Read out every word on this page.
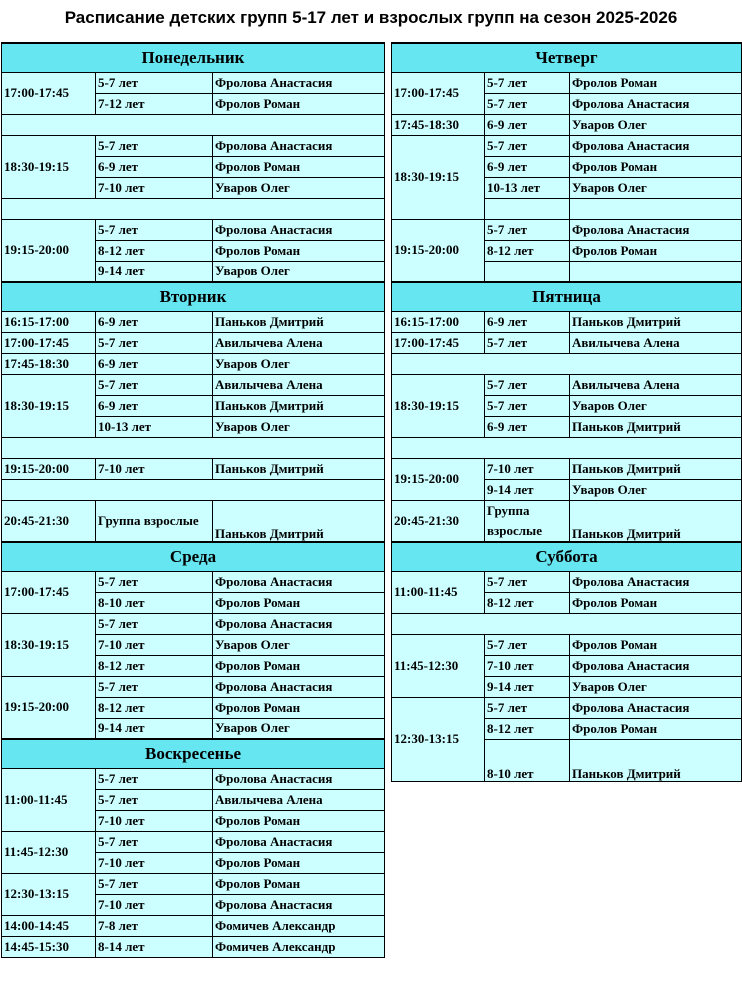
Расписание детских групп 5-17 лет и взрослых групп на сезон 2025-2026
Понедельник		
17:00-17:45	5-7 лет	Фролова Анастасия
	7-12 лет	Фролов Роман

18:30-19:15	5-7 лет	Фролова Анастасия
	6-9 лет	Фролов Роман
	7-10 лет	Уваров Олег

19:15-20:00	5-7 лет	Фролова Анастасия
	8-12 лет	Фролов Роман
	9-14 лет	Уваров Олег
Вторник		
16:15-17:00	6-9 лет	Паньков Дмитрий
17:00-17:45	5-7 лет	Авилычева Алена
17:45-18:30	6-9 лет	Уваров Олег
18:30-19:15	5-7 лет	Авилычева Алена
	6-9 лет	Паньков Дмитрий
	10-13 лет	Уваров Олег

19:15-20:00	7-10 лет	Паньков Дмитрий

20:45-21:30	Группа взрослые	Паньков Дмитрий
Среда		
17:00-17:45	5-7 лет	Фролова Анастасия
	8-10 лет	Фролов Роман
18:30-19:15	5-7 лет	Фролова Анастасия
	7-10 лет	Уваров Олег
	8-12 лет	Фролов Роман
19:15-20:00	5-7 лет	Фролова Анастасия
	8-12 лет	Фролов Роман
	9-14 лет	Уваров Олег
Воскресенье		
11:00-11:45	5-7 лет	Фролова Анастасия
	5-7 лет	Авилычева Алена
	7-10 лет	Фролов Роман
11:45-12:30	5-7 лет	Фролова Анастасия
	7-10 лет	Фролов Роман
12:30-13:15	5-7 лет	Фролов Роман
	7-10 лет	Фролова Анастасия
14:00-14:45	7-8 лет	Фомичев Александр
14:45-15:30	8-14 лет	Фомичев Александр
Четверг		
17:00-17:45	5-7 лет	Фролов Роман
	5-7 лет	Фролова Анастасия
17:45-18:30	6-9 лет	Уваров Олег
18:30-19:15	5-7 лет	Фролова Анастасия
	6-9 лет	Фролов Роман
	10-13 лет	Уваров Олег

19:15-20:00	5-7 лет	Фролова Анастасия
	8-12 лет	Фролов Роман

Пятница		
16:15-17:00	6-9 лет	Паньков Дмитрий
17:00-17:45	5-7 лет	Авилычева Алена

18:30-19:15	5-7 лет	Авилычева Алена
	5-7 лет	Уваров Олег
	6-9 лет	Паньков Дмитрий

19:15-20:00	7-10 лет	Паньков Дмитрий
	9-14 лет	Уваров Олег
20:45-21:30	Группа взрослые	Паньков Дмитрий
Суббота		
11:00-11:45	5-7 лет	Фролова Анастасия
	8-12 лет	Фролов Роман

11:45-12:30	5-7 лет	Фролов Роман
	7-10 лет	Фролова Анастасия
	9-14 лет	Уваров Олег
12:30-13:15	5-7 лет	Фролова Анастасия
	8-12 лет	Фролов Роман
	8-10 лет	Паньков Дмитрий
